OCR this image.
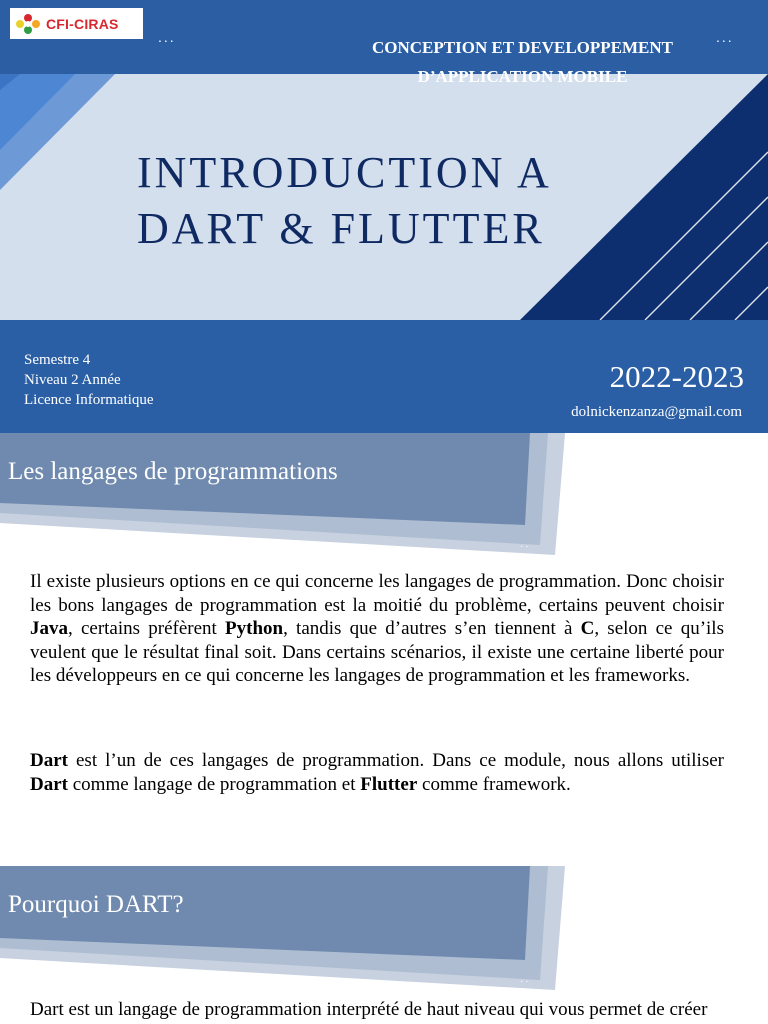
CFI-CIRAS
...	...
CONCEPTION ET DEVELOPPEMENT
INTRODUCTION A
DART & FLUTTER
Semestre 4
Niveau 2 Année
Licence Informatique
2022-2023
dolnickenzanza@gmail.com
··
Les langages de programmations

Il existe plusieurs options en ce qui concerne les langages de programmation. Donc choisir les bons langages de programmation est la moitié du problème, certains peuvent choisir Java, certains préfèrent Python, tandis que d’autres s’en tiennent à C, selon ce qu’ils veulent que le résultat final soit. Dans certains scénarios, il existe une certaine liberté pour les développeurs en ce qui concerne les langages de programmation et les frameworks.

Dart est l’un de ces langages de programmation. Dans ce module, nous allons utiliser Dart comme langage de programmation et Flutter comme framework.

··
Pourquoi DART?

Dart est un langage de programmation interprété de haut niveau qui vous permet de créer
